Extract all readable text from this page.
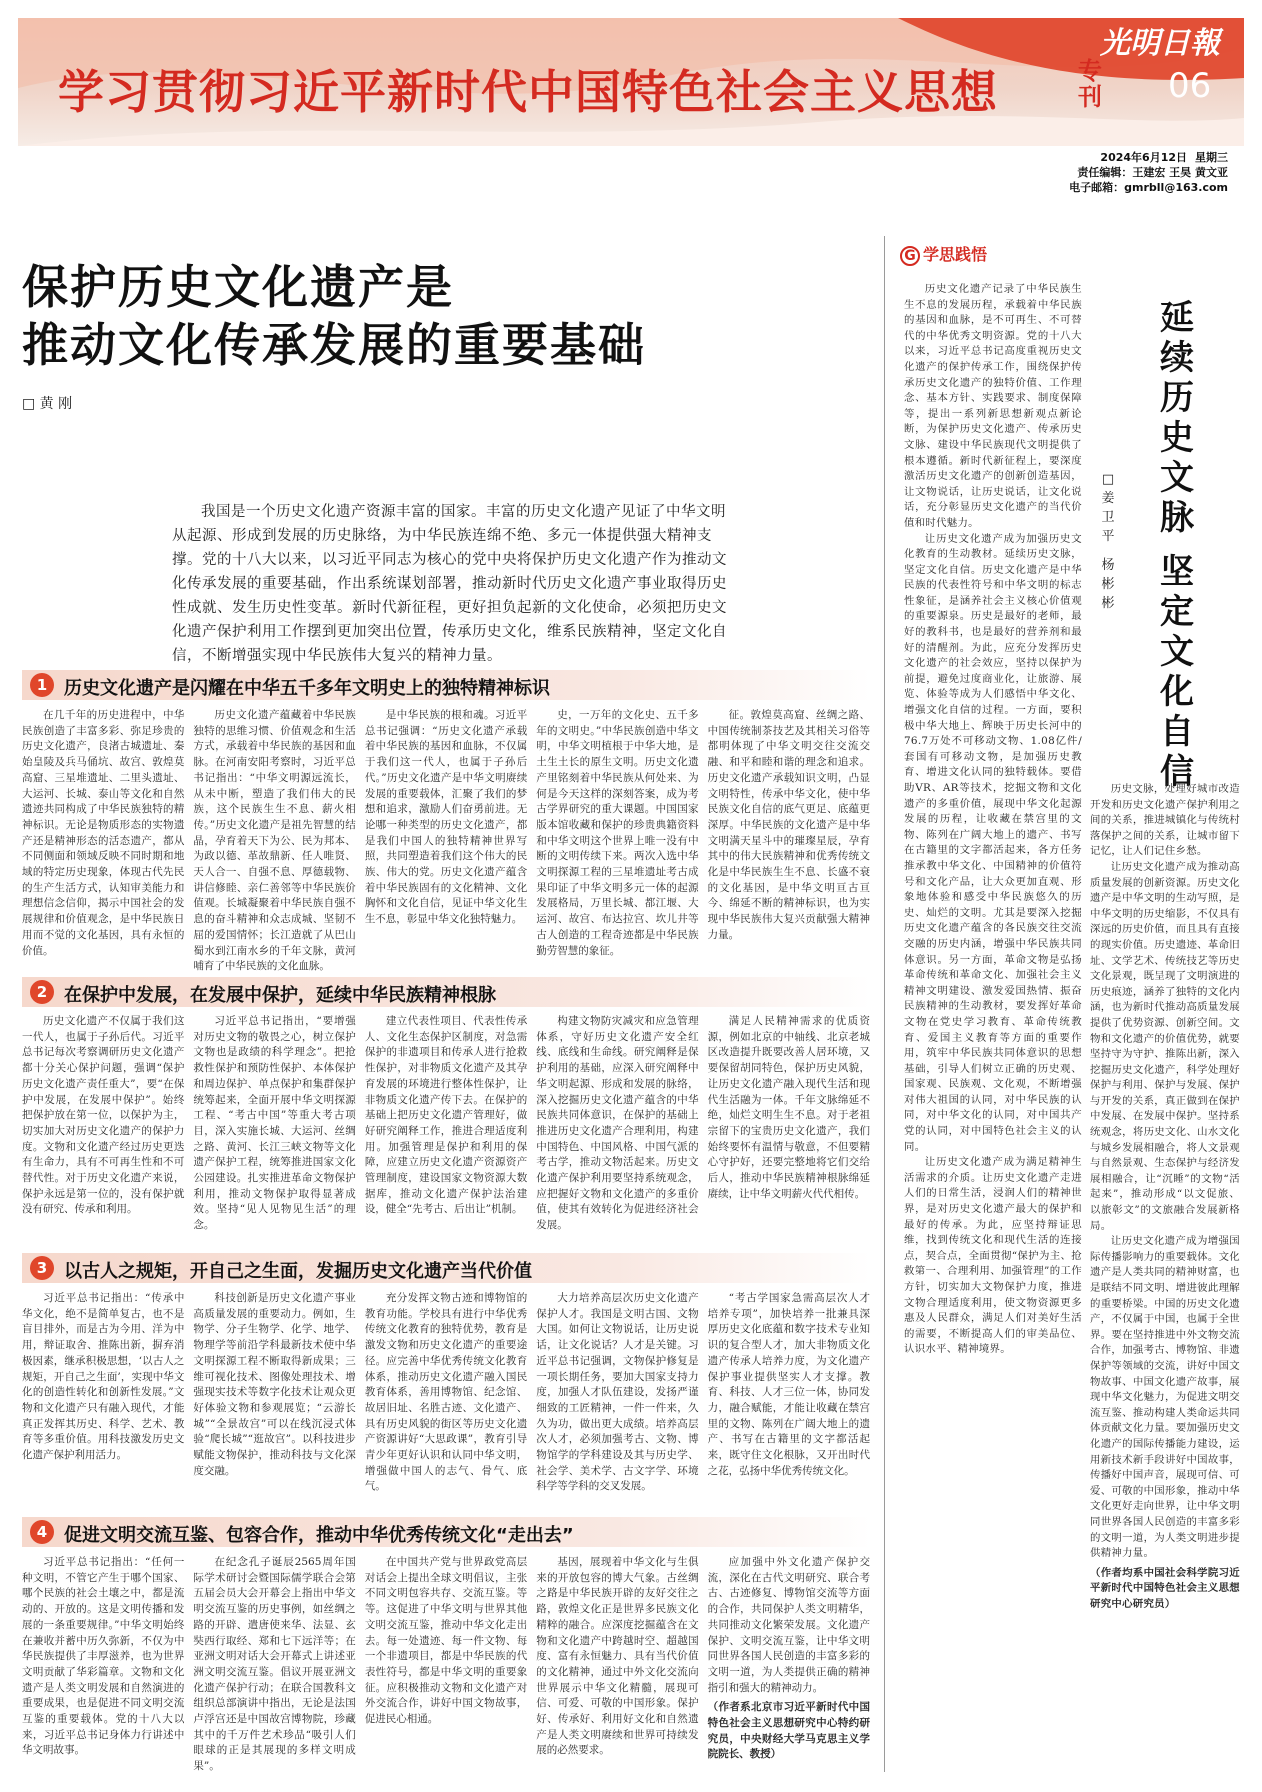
学习贯彻习近平新时代中国特色社会主义思想	专刊
光明日報
06
2024年6月12日 星期三
责任编辑：王建宏 王昊 黄文亚
电子邮箱：gmrbll@163.com
保护历史文化遗产是
推动文化传承发展的重要基础
□ 黄 刚
我国是一个历史文化遗产资源丰富的国家。丰富的历史文化遗产见证了中华文明从起源、形成到发展的历史脉络，为中华民族连绵不绝、多元一体提供强大精神支撑。党的十八大以来，以习近平同志为核心的党中央将保护历史文化遗产作为推动文化传承发展的重要基础，作出系统谋划部署，推动新时代历史文化遗产事业取得历史性成就、发生历史性变革。新时代新征程，更好担负起新的文化使命，必须把历史文化遗产保护利用工作摆到更加突出位置，传承历史文化，维系民族精神，坚定文化自信，不断增强实现中华民族伟大复兴的精神力量。
1 历史文化遗产是闪耀在中华五千多年文明史上的独特精神标识
在几千年的历史进程中，中华民族创造了丰富多彩、弥足珍贵的历史文化遗产，良渚古城遗址、秦始皇陵及兵马俑坑、故宫、敦煌莫高窟、三星堆遗址、二里头遗址、大运河、长城、泰山等文化和自然遗迹共同构成了中华民族独特的精神标识。无论是物质形态的实物遗产还是精神形态的活态遗产，都从不同侧面和领域反映不同时期和地域的特定历史现象，体现古代先民的生产生活方式，认知审美能力和理想信念信仰，揭示中国社会的发展规律和价值观念，是中华民族日用而不觉的文化基因，具有永恒的价值。
历史文化遗产蕴藏着中华民族独特的思维习惯、价值观念和生活方式，承载着中华民族的基因和血脉。在河南安阳考察时，习近平总书记指出：“中华文明源远流长，从未中断，塑造了我们伟大的民族，这个民族生生不息、薪火相传。”历史文化遗产是祖先智慧的结晶，孕育着天下为公、民为邦本、为政以德、革故鼎新、任人唯贤、天人合一、自强不息、厚德载物、讲信修睦、亲仁善邻等中华民族价值观。长城凝聚着中华民族自强不息的奋斗精神和众志成城、坚韧不屈的爱国情怀；长江造就了从巴山蜀水到江南水乡的千年文脉，黄河哺育了中华民族的文化血脉。
是中华民族的根和魂。习近平总书记强调：“历史文化遗产承载着中华民族的基因和血脉，不仅属于我们这一代人，也属于子孙后代。”历史文化遗产是中华文明赓续发展的重要载体，汇聚了我们的梦想和追求，激励人们奋勇前进。无论哪一种类型的历史文化遗产，都是我们中国人的独特精神世界写照，共同塑造着我们这个伟大的民族、伟大的党。历史文化遗产蕴含着中华民族固有的文化精神、文化胸怀和文化自信，见证中华文化生生不息，彰显中华文化独特魅力。
史，一万年的文化史、五千多年的文明史。”中华民族创造中华文明，中华文明植根于中华大地，是土生土长的原生文明。历史文化遗产里铭刻着中华民族从何处来、为何是今天这样的深刻答案，成为考古学界研究的重大课题。中国国家版本馆收藏和保护的珍贵典籍资料和中华文明这个世界上唯一没有中断的文明传续下来。两次入选中华文明探源工程的三星堆遗址考古成果印证了中华文明多元一体的起源发展格局，万里长城、都江堰、大运河、故宫、布达拉宫、坎儿井等古人创造的工程奇迹都是中华民族勤劳智慧的象征。
征。敦煌莫高窟、丝绸之路、中国传统制茶技艺及其相关习俗等都明体现了中华文明交往交流交融、和平和睦和谐的理念和追求。历史文化遗产承载知识文明，凸显文明特性，传承中华文化，使中华民族文化自信的底气更足、底蕴更深厚。中华民族的文化遗产是中华文明满天星斗中的璀璨星辰，孕育其中的伟大民族精神和优秀传统文化是中华民族生生不息、长盛不衰的文化基因，是中华文明亘古亘今、绵延不断的精神标识，也为实现中华民族伟大复兴贡献强大精神力量。
2 在保护中发展，在发展中保护，延续中华民族精神根脉
历史文化遗产不仅属于我们这一代人，也属于子孙后代。习近平总书记每次考察调研历史文化遗产都十分关心保护问题，强调“保护历史文化遗产责任重大”，要“在保护中发展，在发展中保护”。始终把保护放在第一位，以保护为主，切实加大对历史文化遗产的保护力度。文物和文化遗产经过历史更迭有生命力，具有不可再生性和不可替代性。对于历史文化遗产来说，保护永远是第一位的，没有保护就没有研究、传承和利用。
习近平总书记指出，“要增强对历史文物的敬畏之心，树立保护文物也是政绩的科学理念”。把抢救性保护和预防性保护、本体保护和周边保护、单点保护和集群保护统筹起来，全面开展中华文明探源工程、“考古中国”等重大考古项目，深入实施长城、大运河、丝绸之路、黄河、长江三峡文物等文化遗产保护工程，统筹推进国家文化公园建设。扎实推进革命文物保护利用，推动文物保护取得显著成效。坚持“见人见物见生活”的理念。
建立代表性项目、代表性传承人、文化生态保护区制度，对急需保护的非遗项目和传承人进行抢救性保护，对非物质文化遗产及其孕育发展的环境进行整体性保护，让非物质文化遗产传下去。在保护的基础上把历史文化遗产管理好，做好研究阐释工作，推进合理适度利用。加强管理是保护和利用的保障，应建立历史文化遗产资源资产管理制度，建设国家文物资源大数据库，推动文化遗产保护法治建设，健全“先考古、后出让”机制。
构建文物防灾减灾和应急管理体系，守好历史文化遗产安全红线、底线和生命线。研究阐释是保护利用的基础，应深入研究阐释中华文明起源、形成和发展的脉络，深入挖掘历史文化遗产蕴含的中华民族共同体意识，在保护的基础上推进历史文化遗产合理利用，构建中国特色、中国风格、中国气派的考古学，推动文物活起来。历史文化遗产保护利用要坚持系统观念，应把握好文物和文化遗产的多重价值，使其有效转化为促进经济社会发展。
满足人民精神需求的优质资源，例如北京的中轴线、北京老城区改造提升既要改善人居环境，又要保留胡同特色，保护历史风貌，让历史文化遗产融入现代生活和现代生活融为一体。千年文脉绵延不绝，灿烂文明生生不息。对于老祖宗留下的宝贵历史文化遗产，我们始终要怀有温情与敬意，不但要精心守护好，还要完整地将它们交给后人，推动中华民族精神根脉绵延赓续，让中华文明薪火代代相传。
3 以古人之规矩，开自己之生面，发掘历史文化遗产当代价值
习近平总书记指出：“传承中华文化，绝不是简单复古，也不是盲目排外，而是古为今用、洋为中用，辩证取舍、推陈出新，摒弃消极因素，继承积极思想，‘以古人之规矩，开自己之生面’，实现中华文化的创造性转化和创新性发展。”文物和文化遗产只有融入现代，才能真正发挥其历史、科学、艺术、教育等多重价值。用科技激发历史文化遗产保护利用活力。
科技创新是历史文化遗产事业高质量发展的重要动力。例如，生物学、分子生物学、化学、地学、物理学等前沿学科最新技术使中华文明探源工程不断取得新成果；三维可视化技术、图像处理技术、增强现实技术等数字化技术让观众更好体验文物和参观展览；“云游长城”“全景故宫”可以在线沉浸式体验“爬长城”“逛故宫”。以科技进步赋能文物保护，推动科技与文化深度交融。
充分发挥文物古迹和博物馆的教育功能。学校具有进行中华优秀传统文化教育的独特优势，教育是激发文物和历史文化遗产的重要途径。应完善中华优秀传统文化教育体系，推动历史文化遗产融入国民教育体系，善用博物馆、纪念馆、故居旧址、名胜古迹、文化遗产、具有历史风貌的街区等历史文化遗产资源讲好“大思政课”，教育引导青少年更好认识和认同中华文明，增强做中国人的志气、骨气、底气。
大力培养高层次历史文化遗产保护人才。我国是文明古国、文物大国。如何让文物说话，让历史说话，让文化说话？人才是关键。习近平总书记强调，文物保护修复是一项长期任务，要加大国家支持力度，加强人才队伍建设，发扬严谨细致的工匠精神，一件一件来，久久为功，做出更大成绩。培养高层次人才，必须加强考古、文物、博物馆学的学科建设及其与历史学、社会学、美术学、古文字学、环境科学等学科的交叉发展。
“考古学国家急需高层次人才培养专项”，加快培养一批兼具深厚历史文化底蕴和数字技术专业知识的复合型人才，加大非物质文化遗产传承人培养力度，为文化遗产保护事业提供坚实人才支撑。教育、科技、人才三位一体，协同发力，融合赋能，才能让收藏在禁宫里的文物、陈列在广阔大地上的遗产、书写在古籍里的文字都活起来，既守住文化根脉，又开出时代之花，弘扬中华优秀传统文化。
4 促进文明交流互鉴、包容合作，推动中华优秀传统文化“走出去”
习近平总书记指出：“任何一种文明，不管它产生于哪个国家、哪个民族的社会土壤之中，都是流动的、开放的。这是文明传播和发展的一条重要规律。”中华文明始终在兼收并蓄中历久弥新，不仅为中华民族提供了丰厚滋养，也为世界文明贡献了华彩篇章。文物和文化遗产是人类文明发展和自然演进的重要成果，也是促进不同文明交流互鉴的重要载体。党的十八大以来，习近平总书记身体力行讲述中华文明故事。
在纪念孔子诞辰2565周年国际学术研讨会暨国际儒学联合会第五届会员大会开幕会上指出中华文明交流互鉴的历史事例，如丝绸之路的开辟、遣唐使来华、法显、玄奘西行取经、郑和七下远洋等；在亚洲文明对话大会开幕式上讲述亚洲文明交流互鉴。倡议开展亚洲文化遗产保护行动；在联合国教科文组织总部演讲中指出，无论是法国卢浮宫还是中国故宫博物院，珍藏其中的千万件艺术珍品“吸引人们眼球的正是其展现的多样文明成果”。
在中国共产党与世界政党高层对话会上提出全球文明倡议，主张不同文明包容共存、交流互鉴。等等。这促进了中华文明与世界其他文明交流互鉴，推动中华文化走出去。每一处遗迹、每一件文物、每一个非遗项目，都是中华民族的代表性符号，都是中华文明的重要象征。应积极推动文物和文化遗产对外交流合作，讲好中国文物故事，促进民心相通。
基因，展现着中华文化与生俱来的开放包容的博大气象。古丝绸之路是中华民族开辟的友好交往之路，敦煌文化正是世界多民族文化精粹的融合。应深度挖掘蕴含在文物和文化遗产中跨越时空、超越国度、富有永恒魅力、具有当代价值的文化精神，通过中外文化交流向世界展示中华文化精髓，展现可信、可爱、可敬的中国形象。保护好、传承好、利用好文化和自然遗产是人类文明赓续和世界可持续发展的必然要求。
应加强中外文化遗产保护交流，深化在古代文明研究、联合考古、古迹修复、博物馆交流等方面的合作，共同保护人类文明精华，共同推动文化繁荣发展。文化遗产保护、文明交流互鉴，让中华文明同世界各国人民创造的丰富多彩的文明一道，为人类提供正确的精神指引和强大的精神动力。
（作者系北京市习近平新时代中国特色社会主义思想研究中心特约研究员，中央财经大学马克思主义学院院长、教授）
G 学思践悟
延续历史文脉
坚定文化自信
□ 姜卫平
杨彬彬

历史文化遗产记录了中华民族生生不息的发展历程，承载着中华民族的基因和血脉，是不可再生、不可替代的中华优秀文明资源。党的十八大以来，习近平总书记高度重视历史文化遗产的保护传承工作，围绕保护传承历史文化遗产的独特价值、工作理念、基本方针、实践要求、制度保障等，提出一系列新思想新观点新论断，为保护历史文化遗产、传承历史文脉、建设中华民族现代文明提供了根本遵循。新时代新征程上，要深度激活历史文化遗产的创新创造基因，让文物说话，让历史说话，让文化说话，充分彰显历史文化遗产的当代价值和时代魅力。

让历史文化遗产成为加强历史文化教育的生动教材。延续历史文脉，坚定文化自信。历史文化遗产是中华民族的代表性符号和中华文明的标志性象征，是涵养社会主义核心价值观的重要源泉。历史是最好的老师，最好的教科书，也是最好的营养剂和最好的清醒剂。为此，应充分发挥历史文化遗产的社会效应，坚持以保护为前提，避免过度商业化，让旅游、展览、体验等成为人们感悟中华文化、增强文化自信的过程。一方面，要积极中华大地上、辉映于历史长河中的76.7万处不可移动文物、1.08亿件/套国有可移动文物，是加强历史教育、增进文化认同的独特载体。要借助VR、AR等技术，挖掘文物和文化遗产的多重价值，展现中华文化起源发展的历程，让收藏在禁宫里的文物、陈列在广阔大地上的遗产、书写在古籍里的文字都活起来，各方任务推承教中华文化、中国精神的价值符号和文化产品，让大众更加直观、形象地体验和感受中华民族悠久的历史、灿烂的文明。尤其是要深入挖掘历史文化遗产蕴含的各民族交往交流交融的历史内涵，增强中华民族共同体意识。另一方面，革命文物是弘扬革命传统和革命文化、加强社会主义精神文明建设、激发爱国热情、振奋民族精神的生动教材，要发挥好革命文物在党史学习教育、革命传统教育、爱国主义教育等方面的重要作用，筑牢中华民族共同体意识的思想基础，引导人们树立正确的历史观、国家观、民族观、文化观，不断增强对伟大祖国的认同，对中华民族的认同，对中华文化的认同，对中国共产党的认同，对中国特色社会主义的认同。

让历史文化遗产成为满足精神生活需求的介质。让历史文化遗产走进人们的日常生活，浸润人们的精神世界，是对历史文化遗产最大的保护和最好的传承。为此，应坚持辩证思维，找到传统文化和现代生活的连接点，契合点，全面贯彻“保护为主、抢救第一、合理利用、加强管理”的工作方针，切实加大文物保护力度，推进文物合理适度利用，使文物资源更多惠及人民群众，满足人们对美好生活的需要，不断提高人们的审美品位、认识水平、精神境界。

历史文脉，处理好城市改造开发和历史文化遗产保护利用之间的关系，推进城镇化与传统村落保护之间的关系，让城市留下记忆，让人们记住乡愁。

让历史文化遗产成为推动高质量发展的创新资源。历史文化遗产是中华文明的生动写照，是中华文明的历史缩影，不仅具有深远的历史价值，而且具有直接的现实价值。历史遗迹、革命旧址、文学艺术、传统技艺等历史文化景观，既呈现了文明演进的历史痕迹，涵养了独特的文化内涵，也为新时代推动高质量发展提供了优势资源、创新空间。文物和文化遗产的价值优势，就要坚持守为守护、推陈出新，深入挖掘历史文化遗产，科学处理好保护与利用、保护与发展、保护与开发的关系，真正做到在保护中发展、在发展中保护。坚持系统观念，将历史文化、山水文化与城乡发展相融合，将人文景观与自然景观、生态保护与经济发展相融合，让“沉睡”的文物“活起来”，推动形成“以文促旅、以旅彰文”的文旅融合发展新格局。

让历史文化遗产成为增强国际传播影响力的重要载体。文化遗产是人类共同的精神财富，也是联结不同文明、增进彼此理解的重要桥梁。中国的历史文化遗产，不仅属于中国，也属于全世界。要在坚持推进中外文物交流合作，加强考古、博物馆、非遗保护等领域的交流，讲好中国文物故事、中国文化遗产故事，展现中华文化魅力，为促进文明交流互鉴、推动构建人类命运共同体贡献文化力量。要加强历史文化遗产的国际传播能力建设，运用新技术新手段讲好中国故事，传播好中国声音，展现可信、可爱、可敬的中国形象，推动中华文化更好走向世界，让中华文明同世界各国人民创造的丰富多彩的文明一道，为人类文明进步提供精神力量。

（作者均系中国社会科学院习近平新时代中国特色社会主义思想研究中心研究员）
